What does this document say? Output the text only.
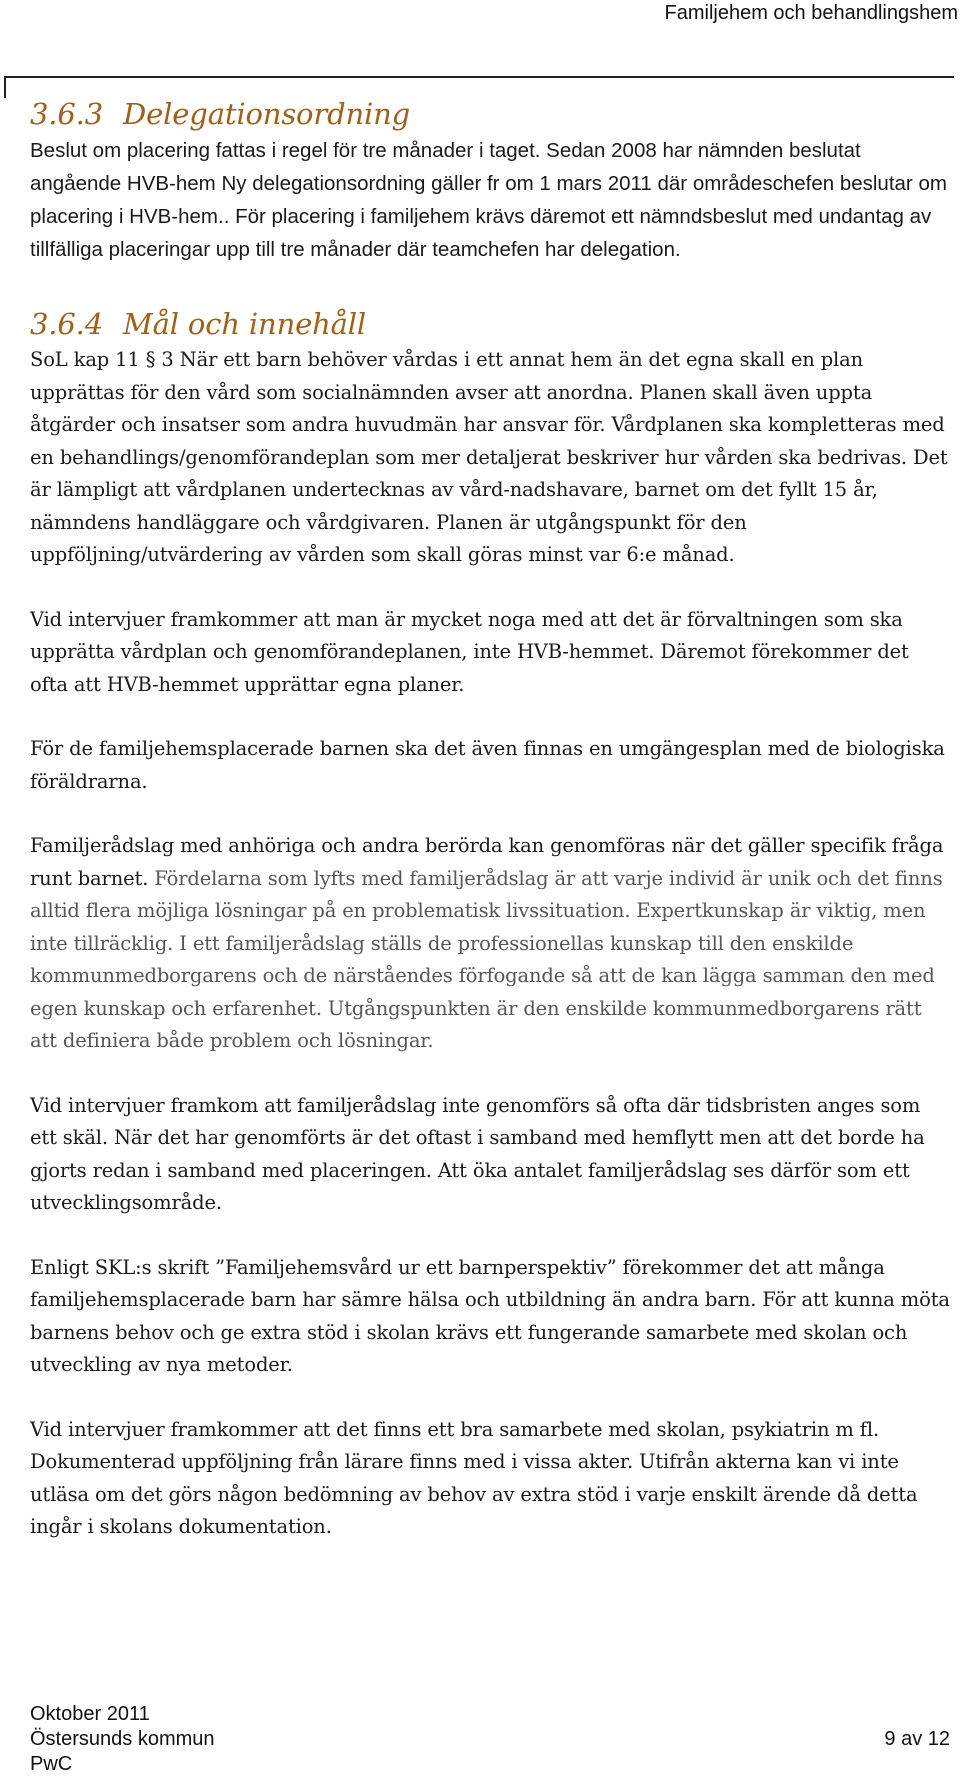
Familjehem och behandlingshem
3.6.3 Delegationsordning

Beslut om placering fattas i regel för tre månader i taget. Sedan 2008 har nämnden beslutat angående HVB-hem Ny delegationsordning gäller fr om 1 mars 2011 där områdeschefen beslutar om placering i HVB-hem.. För placering i familjehem krävs däremot ett nämndsbeslut med undantag av tillfälliga placeringar upp till tre månader där teamchefen har delegation.

3.6.4 Mål och innehåll

SoL kap 11 § 3 När ett barn behöver vårdas i ett annat hem än det egna skall en plan upprättas för den vård som socialnämnden avser att anordna. Planen skall även uppta åtgärder och insatser som andra huvudmän har ansvar för. Vårdplanen ska kompletteras med en behandlings/genomförandeplan som mer detaljerat beskriver hur vården ska bedrivas. Det är lämpligt att vårdplanen undertecknas av vård-nadshavare, barnet om det fyllt 15 år, nämndens handläggare och vårdgivaren. Planen är utgångspunkt för den uppföljning/utvärdering av vården som skall göras minst var 6:e månad.

Vid intervjuer framkommer att man är mycket noga med att det är förvaltningen som ska upprätta vårdplan och genomförandeplanen, inte HVB-hemmet. Däremot förekommer det ofta att HVB-hemmet upprättar egna planer.

För de familjehemsplacerade barnen ska det även finnas en umgängesplan med de biologiska föräldrarna.

Familjerådslag med anhöriga och andra berörda kan genomföras när det gäller specifik fråga runt barnet. Fördelarna som lyfts med familjerådslag är att varje individ är unik och det finns alltid flera möjliga lösningar på en problematisk livssituation. Expertkunskap är viktig, men inte tillräcklig. I ett familjerådslag ställs de professionellas kunskap till den enskilde kommunmedborgarens och de närståendes förfogande så att de kan lägga samman den med egen kunskap och erfarenhet. Utgångspunkten är den enskilde kommunmedborgarens rätt att definiera både problem och lösningar.

Vid intervjuer framkom att familjerådslag inte genomförs så ofta där tidsbristen anges som ett skäl. När det har genomförts är det oftast i samband med hemflytt men att det borde ha gjorts redan i samband med placeringen. Att öka antalet familjerådslag ses därför som ett utvecklingsområde.

Enligt SKL:s skrift ”Familjehemsvård ur ett barnperspektiv” förekommer det att många familjehemsplacerade barn har sämre hälsa och utbildning än andra barn. För att kunna möta barnens behov och ge extra stöd i skolan krävs ett fungerande samarbete med skolan och utveckling av nya metoder.

Vid intervjuer framkommer att det finns ett bra samarbete med skolan, psykiatrin m fl. Dokumenterad uppföljning från lärare finns med i vissa akter. Utifrån akterna kan vi inte utläsa om det görs någon bedömning av behov av extra stöd i varje enskilt ärende då detta ingår i skolans dokumentation.

Oktober 2011
Östersunds kommun
PwC
9 av 12
